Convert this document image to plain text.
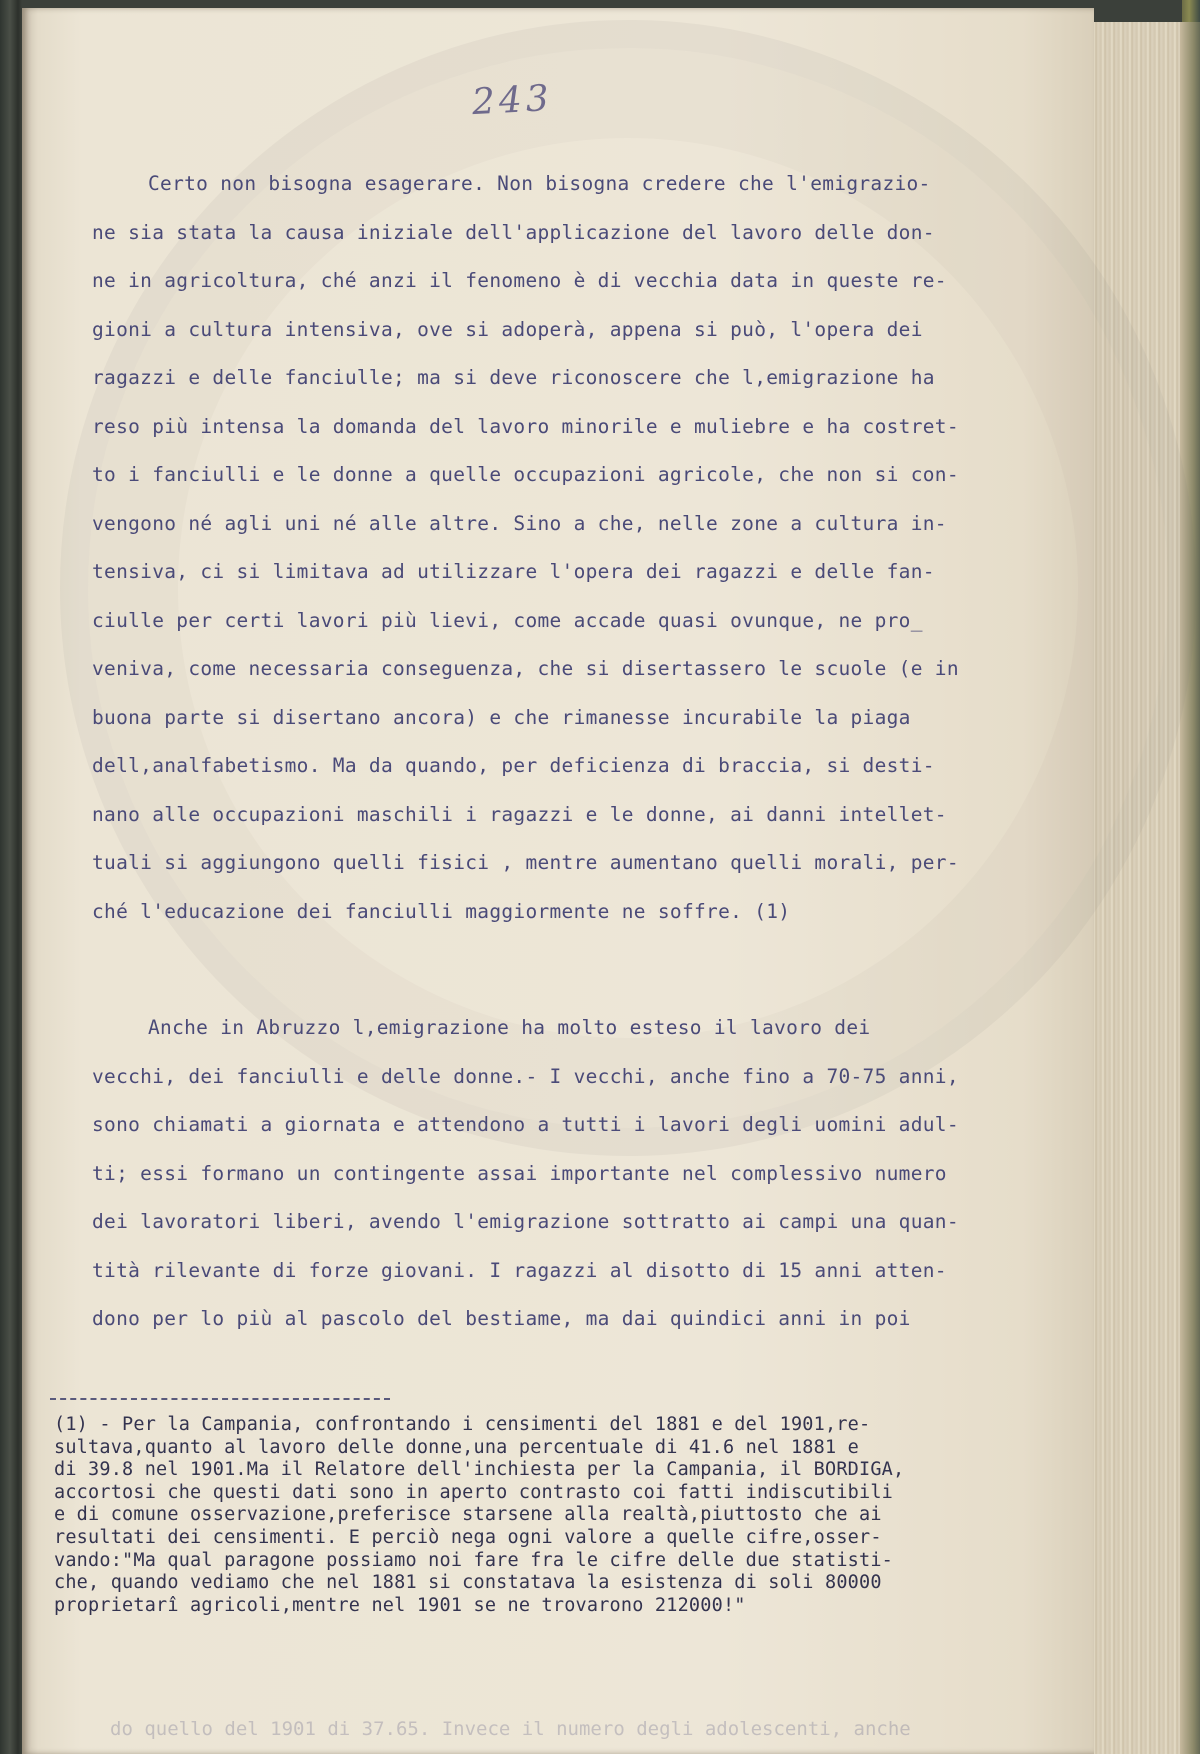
243

Certo non bisogna esagerare. Non bisogna credere che l'emigrazio-

ne sia stata la causa iniziale dell'applicazione del lavoro delle don-

ne in agricoltura, ché anzi il fenomeno è di vecchia data in queste re-

gioni a cultura intensiva, ove si adoperà, appena si può, l'opera dei

ragazzi e delle fanciulle; ma si deve riconoscere che l,emigrazione ha

reso più intensa la domanda del lavoro minorile e muliebre e ha costret-

to i fanciulli e le donne a quelle occupazioni agricole, che non si con-

vengono né agli uni né alle altre. Sino a che, nelle zone a cultura in-

tensiva, ci si limitava ad utilizzare l'opera dei ragazzi e delle fan-

ciulle per certi lavori più lievi, come accade quasi ovunque, ne pro_

veniva, come necessaria conseguenza, che si disertassero le scuole (e in

buona parte si disertano ancora) e che rimanesse incurabile la piaga

dell,analfabetismo. Ma da quando, per deficienza di braccia, si desti-

nano alle occupazioni maschili i ragazzi e le donne, ai danni intellet-

tuali si aggiungono quelli fisici , mentre aumentano quelli morali, per-

ché l'educazione dei fanciulli maggiormente ne soffre. (1)

Anche in Abruzzo l,emigrazione ha molto esteso il lavoro dei

vecchi, dei fanciulli e delle donne.- I vecchi, anche fino a 70-75 anni,

sono chiamati a giornata e attendono a tutti i lavori degli uomini adul-

ti; essi formano un contingente assai importante nel complessivo numero

dei lavoratori liberi, avendo l'emigrazione sottratto ai campi una quan-

tità rilevante di forze giovani. I ragazzi al disotto di 15 anni atten-

dono per lo più al pascolo del bestiame, ma dai quindici anni in poi

(1) - Per la Campania, confrontando i censimenti del 1881 e del 1901,re-

sultava,quanto al lavoro delle donne,una percentuale di 41.6 nel 1881 e

di 39.8 nel 1901.Ma il Relatore dell'inchiesta per la Campania, il BORDIGA,

accortosi che questi dati sono in aperto contrasto coi fatti indiscutibili

e di comune osservazione,preferisce starsene alla realtà,piuttosto che ai

resultati dei censimenti. E perciò nega ogni valore a quelle cifre,osser-

vando:"Ma qual paragone possiamo noi fare fra le cifre delle due statisti-

che, quando vediamo che nel 1881 si constatava la esistenza di soli 80000

proprietarî agricoli,mentre nel 1901 se ne trovarono 212000!"

do quello del 1901 di 37.65. Invece il numero degli adolescenti, anche
